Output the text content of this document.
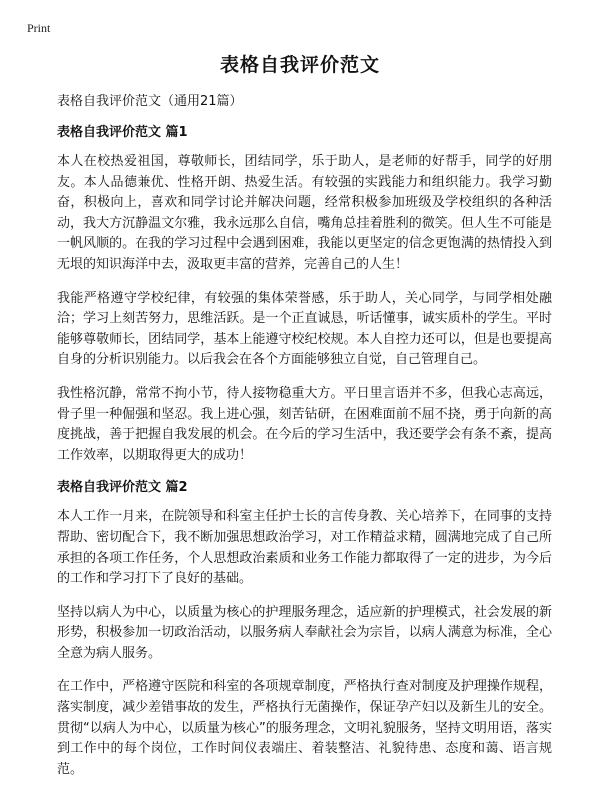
Print
表格自我评价范文
表格自我评价范文（通用21篇）
表格自我评价范文 篇1

本人在校热爱祖国，尊敬师长，团结同学，乐于助人，是老师的好帮手，同学的好朋友。本人品德兼优、性格开朗、热爱生活。有较强的实践能力和组织能力。我学习勤奋，积极向上，喜欢和同学讨论并解决问题，经常积极参加班级及学校组织的各种活动，我大方沉静温文尔雅，我永远那么自信，嘴角总挂着胜利的微笑。但人生不可能是一帆风顺的。在我的学习过程中会遇到困难，我能以更坚定的信念更饱满的热情投入到无垠的知识海洋中去，汲取更丰富的营养，完善自己的人生！

我能严格遵守学校纪律，有较强的集体荣誉感，乐于助人，关心同学，与同学相处融洽；学习上刻苦努力，思维活跃。是一个正直诚恳，听话懂事，诚实质朴的学生。平时能够尊敬师长，团结同学，基本上能遵守校纪校规。本人自控力还可以，但是也要提高自身的分析识别能力。以后我会在各个方面能够独立自觉，自己管理自己。

我性格沉静，常常不拘小节，待人接物稳重大方。平日里言语并不多，但我心志高远，骨子里一种倔强和坚忍。我上进心强，刻苦钻研，在困难面前不屈不挠，勇于向新的高度挑战，善于把握自我发展的机会。在今后的学习生活中，我还要学会有条不紊，提高工作效率，以期取得更大的成功！

表格自我评价范文 篇2

本人工作一月来，在院领导和科室主任护士长的言传身教、关心培养下，在同事的支持帮助、密切配合下，我不断加强思想政治学习，对工作精益求精，圆满地完成了自己所承担的各项工作任务，个人思想政治素质和业务工作能力都取得了一定的进步，为今后的工作和学习打下了良好的基础。

坚持以病人为中心，以质量为核心的护理服务理念，适应新的护理模式，社会发展的新形势，积极参加一切政治活动，以服务病人奉献社会为宗旨，以病人满意为标准，全心全意为病人服务。

在工作中，严格遵守医院和科室的各项规章制度，严格执行查对制度及护理操作规程，落实制度，减少差错事故的发生，严格执行无菌操作，保证孕产妇以及新生儿的安全。贯彻“以病人为中心，以质量为核心”的服务理念，文明礼貌服务，坚持文明用语，落实到工作中的每个岗位，工作时间仪表端庄、着装整洁、礼貌待患、态度和蔼、语言规范。
